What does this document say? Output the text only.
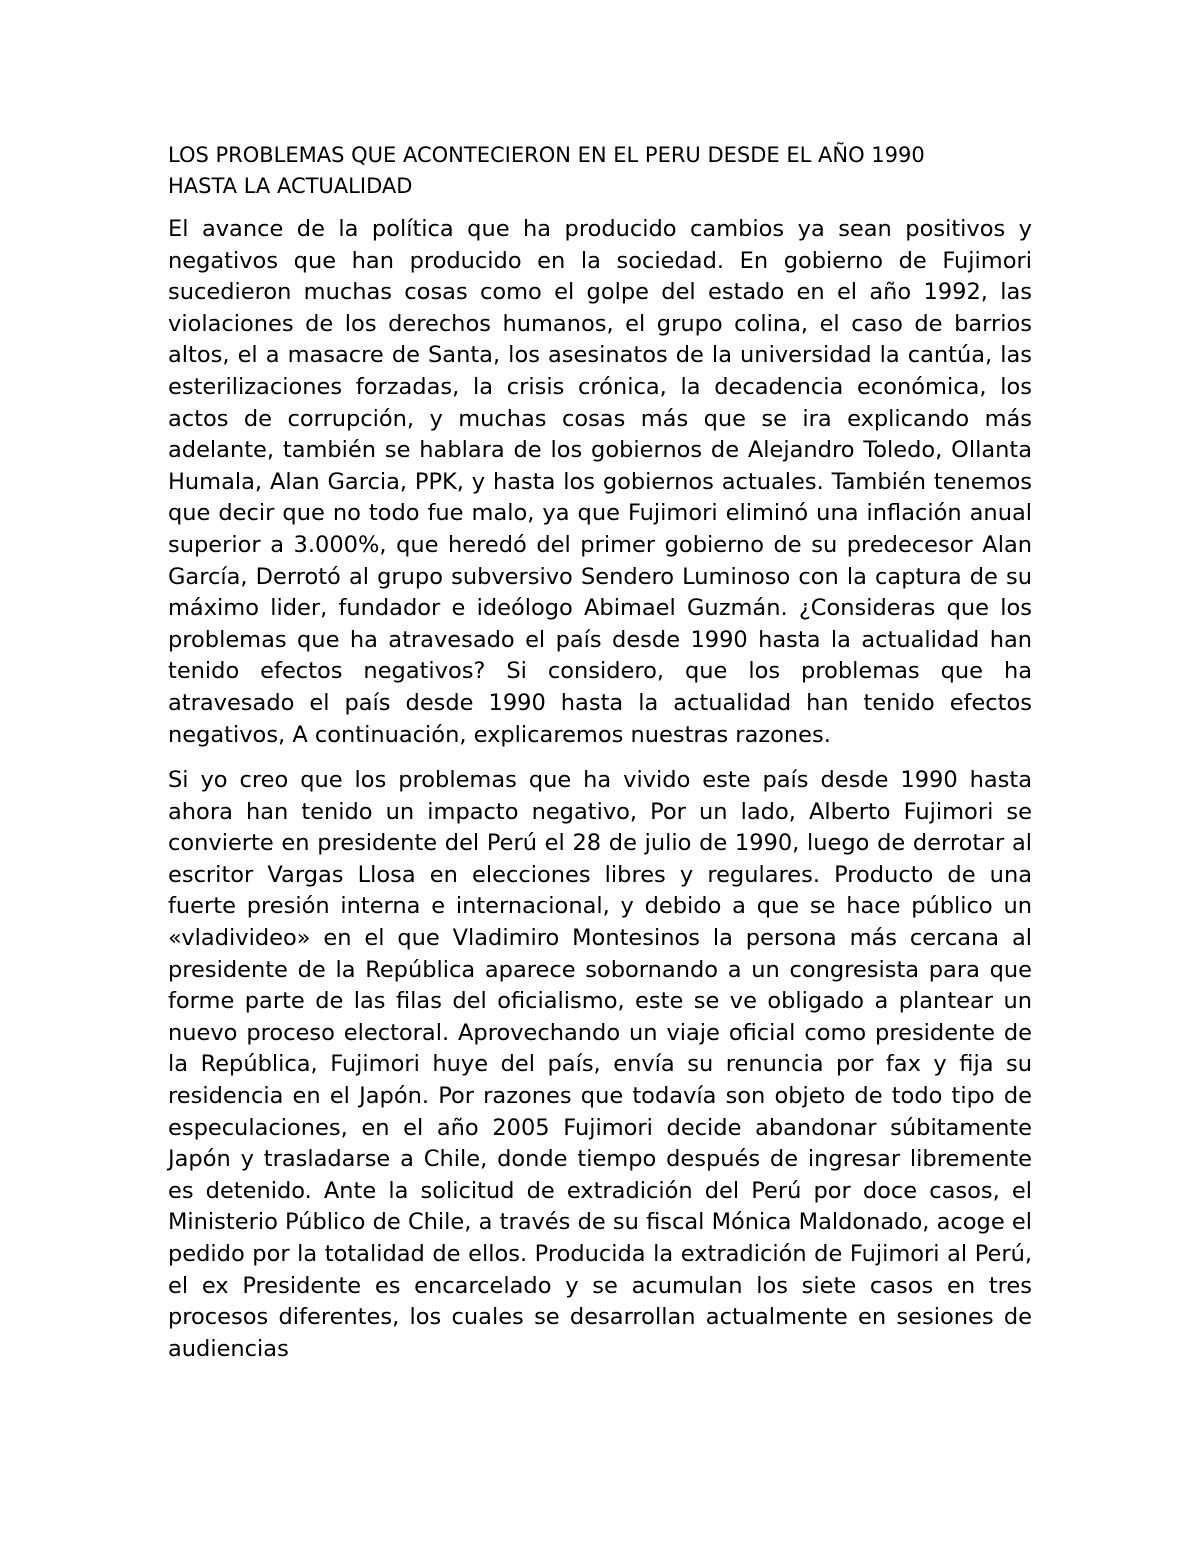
LOS PROBLEMAS QUE ACONTECIERON EN EL PERU DESDE EL AÑO 1990
HASTA LA ACTUALIDAD

El avance de la política que ha producido cambios ya sean positivos y negativos que han producido en la sociedad. En gobierno de Fujimori sucedieron muchas cosas como el golpe del estado en el año 1992, las violaciones de los derechos humanos, el grupo colina, el caso de barrios altos, el a masacre de Santa, los asesinatos de la universidad la cantúa, las esterilizaciones forzadas, la crisis crónica, la decadencia económica, los actos de corrupción, y muchas cosas más que se ira explicando más adelante, también se hablara de los gobiernos de Alejandro Toledo, Ollanta Humala, Alan Garcia, PPK, y hasta los gobiernos actuales. También tenemos que decir que no todo fue malo, ya que Fujimori eliminó una inflación anual superior a 3.000%, que heredó del primer gobierno de su predecesor Alan García, Derrotó al grupo subversivo Sendero Luminoso con la captura de su máximo lider, fundador e ideólogo Abimael Guzmán. ¿Consideras que los problemas que ha atravesado el país desde 1990 hasta la actualidad han tenido efectos negativos? Si considero, que los problemas que ha atravesado el país desde 1990 hasta la actualidad han tenido efectos negativos, A continuación, explicaremos nuestras razones.

Si yo creo que los problemas que ha vivido este país desde 1990 hasta ahora han tenido un impacto negativo, Por un lado, Alberto Fujimori se convierte en presidente del Perú el 28 de julio de 1990, luego de derrotar al escritor Vargas Llosa en elecciones libres y regulares. Producto de una fuerte presión interna e internacional, y debido a que se hace público un «vladivideo» en el que Vladimiro Montesinos la persona más cercana al presidente de la República aparece sobornando a un congresista para que forme parte de las filas del oficialismo, este se ve obligado a plantear un nuevo proceso electoral. Aprovechando un viaje oficial como presidente de la República, Fujimori huye del país, envía su renuncia por fax y fija su residencia en el Japón. Por razones que todavía son objeto de todo tipo de especulaciones, en el año 2005 Fujimori decide abandonar súbitamente Japón y trasladarse a Chile, donde tiempo después de ingresar libremente es detenido. Ante la solicitud de extradición del Perú por doce casos, el Ministerio Público de Chile, a través de su fiscal Mónica Maldonado, acoge el pedido por la totalidad de ellos. Producida la extradición de Fujimori al Perú, el ex Presidente es encarcelado y se acumulan los siete casos en tres procesos diferentes, los cuales se desarrollan actualmente en sesiones de audiencias
